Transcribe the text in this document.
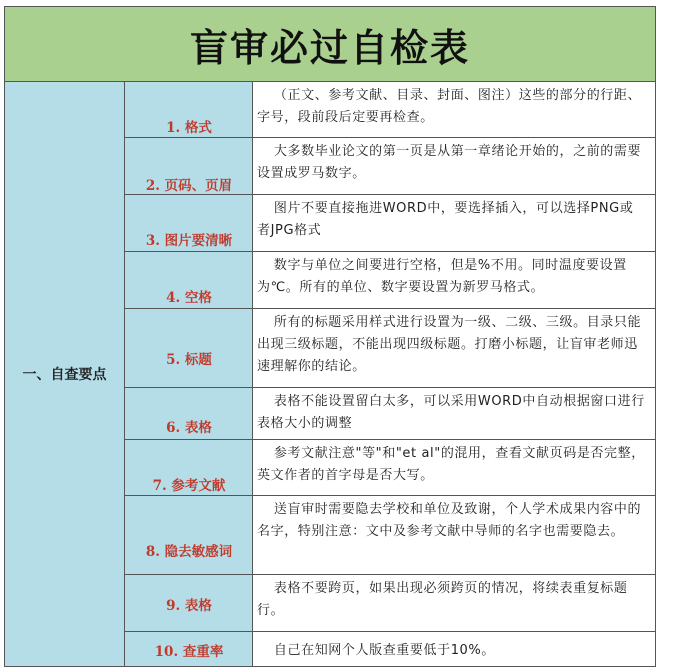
盲审必过自检表
一、自查要点
1. 格式

（正文、参考文献、目录、封面、图注）这些的部分的行距、字号，段前段后定要再检查。

2. 页码、页眉

大多数毕业论文的第一页是从第一章绪论开始的，之前的需要设置成罗马数字。

3. 图片要清晰

图片不要直接拖进WORD中，要选择插入，可以选择PNG或者JPG格式

4. 空格

数字与单位之间要进行空格，但是%不用。同时温度要设置为℃。所有的单位、数字要设置为新罗马格式。

5. 标题

所有的标题采用样式进行设置为一级、二级、三级。目录只能出现三级标题，不能出现四级标题。打磨小标题，让盲审老师迅速理解你的结论。

6. 表格

表格不能设置留白太多，可以采用WORD中自动根据窗口进行表格大小的调整

7. 参考文献

参考文献注意"等"和"et al"的混用，查看文献页码是否完整，英文作者的首字母是否大写。

8. 隐去敏感词

送盲审时需要隐去学校和单位及致谢，个人学术成果内容中的名字，特别注意：文中及参考文献中导师的名字也需要隐去。

9. 表格

表格不要跨页，如果出现必须跨页的情况，将续表重复标题行。

10. 查重率	自己在知网个人版查重要低于10%。
